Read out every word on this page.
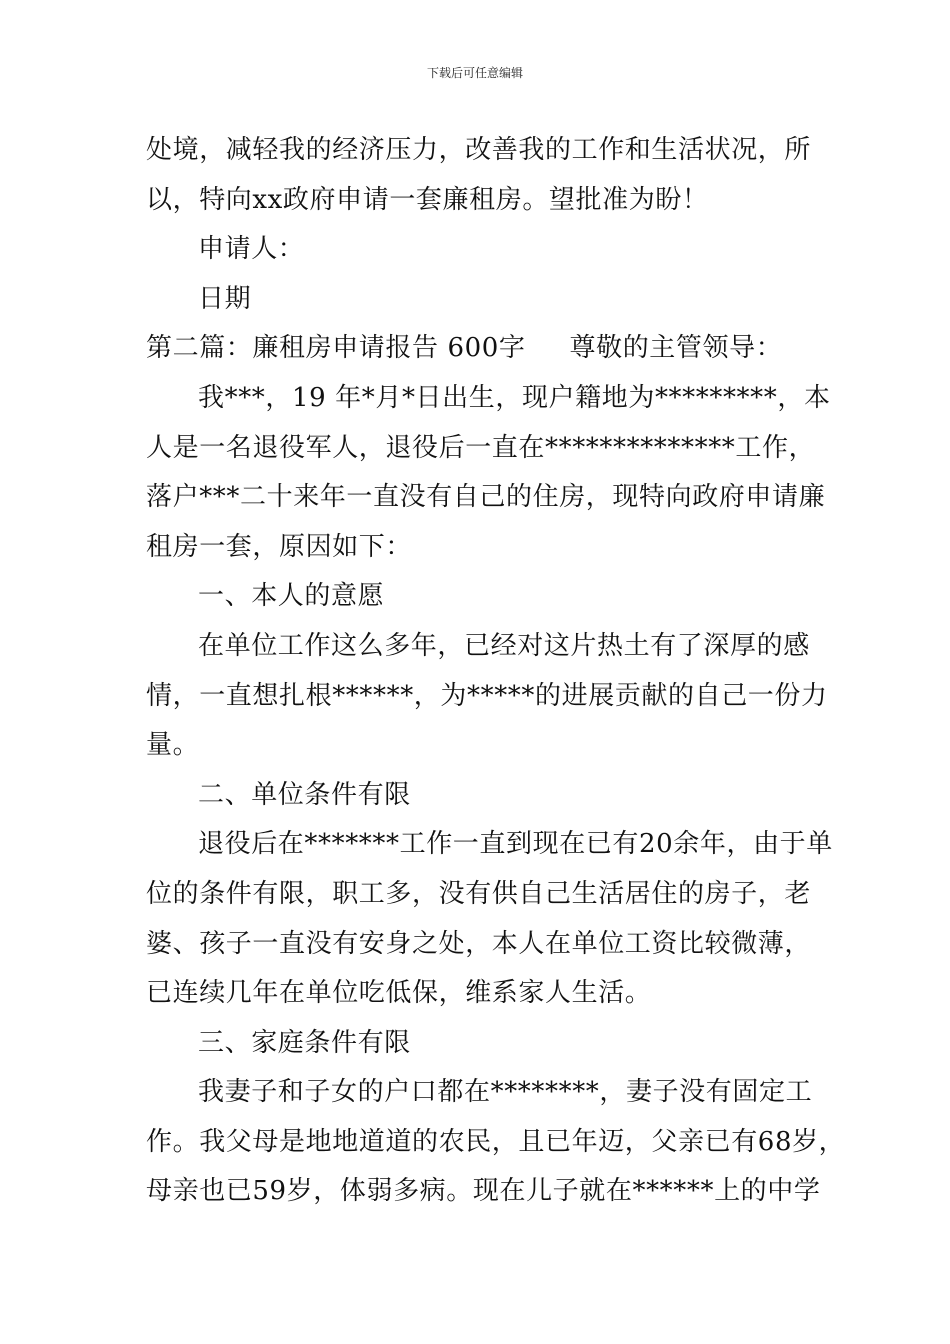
下载后可任意编辑
处境，减轻我的经济压力，改善我的工作和生活状况，所
以，特向xx政府申请一套廉租房。望批准为盼！
申请人：
日期
第二篇：廉租房申请报告 600字 尊敬的主管领导：
我***，19 年*月*日出生，现户籍地为*********，本
人是一名退役军人，退役后一直在**************工作，
落户***二十来年一直没有自己的住房，现特向政府申请廉
租房一套，原因如下：
一、本人的意愿
在单位工作这么多年，已经对这片热土有了深厚的感
情，一直想扎根******，为*****的进展贡献的自己一份力
量。
二、单位条件有限
退役后在*******工作一直到现在已有20余年，由于单
位的条件有限，职工多，没有供自己生活居住的房子，老
婆、孩子一直没有安身之处，本人在单位工资比较微薄，
已连续几年在单位吃低保，维系家人生活。
三、家庭条件有限
我妻子和子女的户口都在********，妻子没有固定工
作。我父母是地地道道的农民，且已年迈，父亲已有68岁，
母亲也已59岁，体弱多病。现在儿子就在******上的中学
